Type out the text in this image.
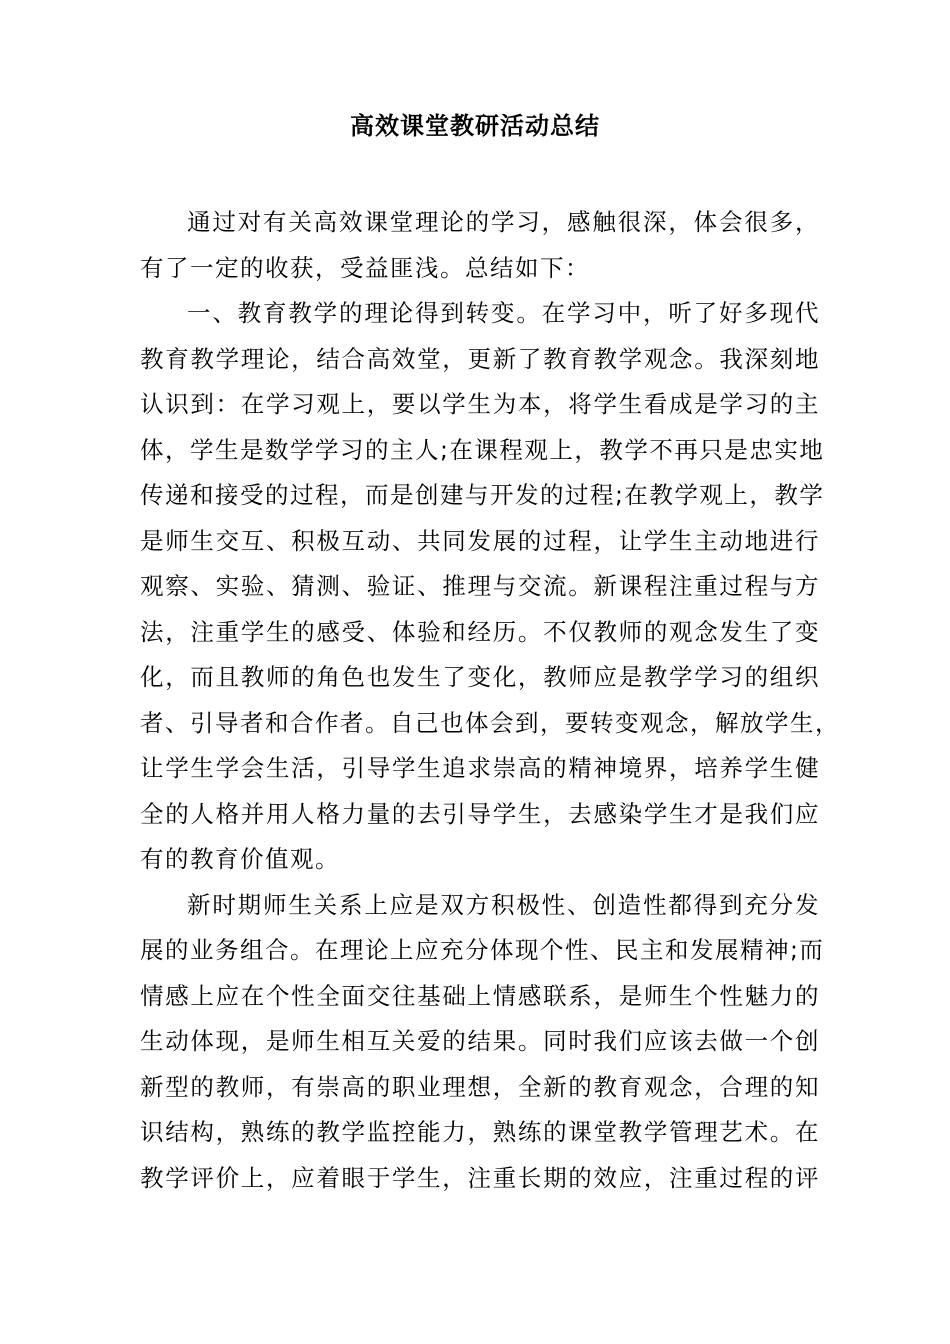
高效课堂教研活动总结
通过对有关高效课堂理论的学习，感触很深，体会很多，
有了一定的收获，受益匪浅。总结如下：
一、教育教学的理论得到转变。在学习中，听了好多现代
教育教学理论，结合高效堂，更新了教育教学观念。我深刻地
认识到：在学习观上，要以学生为本，将学生看成是学习的主
体，学生是数学学习的主人;在课程观上，教学不再只是忠实地
传递和接受的过程，而是创建与开发的过程;在教学观上，教学
是师生交互、积极互动、共同发展的过程，让学生主动地进行
观察、实验、猜测、验证、推理与交流。新课程注重过程与方
法，注重学生的感受、体验和经历。不仅教师的观念发生了变
化，而且教师的角色也发生了变化，教师应是教学学习的组织
者、引导者和合作者。自己也体会到，要转变观念，解放学生，
让学生学会生活，引导学生追求崇高的精神境界，培养学生健
全的人格并用人格力量的去引导学生，去感染学生才是我们应
有的教育价值观。
新时期师生关系上应是双方积极性、创造性都得到充分发
展的业务组合。在理论上应充分体现个性、民主和发展精神;而
情感上应在个性全面交往基础上情感联系，是师生个性魅力的
生动体现，是师生相互关爱的结果。同时我们应该去做一个创
新型的教师，有崇高的职业理想，全新的教育观念，合理的知
识结构，熟练的教学监控能力，熟练的课堂教学管理艺术。在
教学评价上，应着眼于学生，注重长期的效应，注重过程的评
